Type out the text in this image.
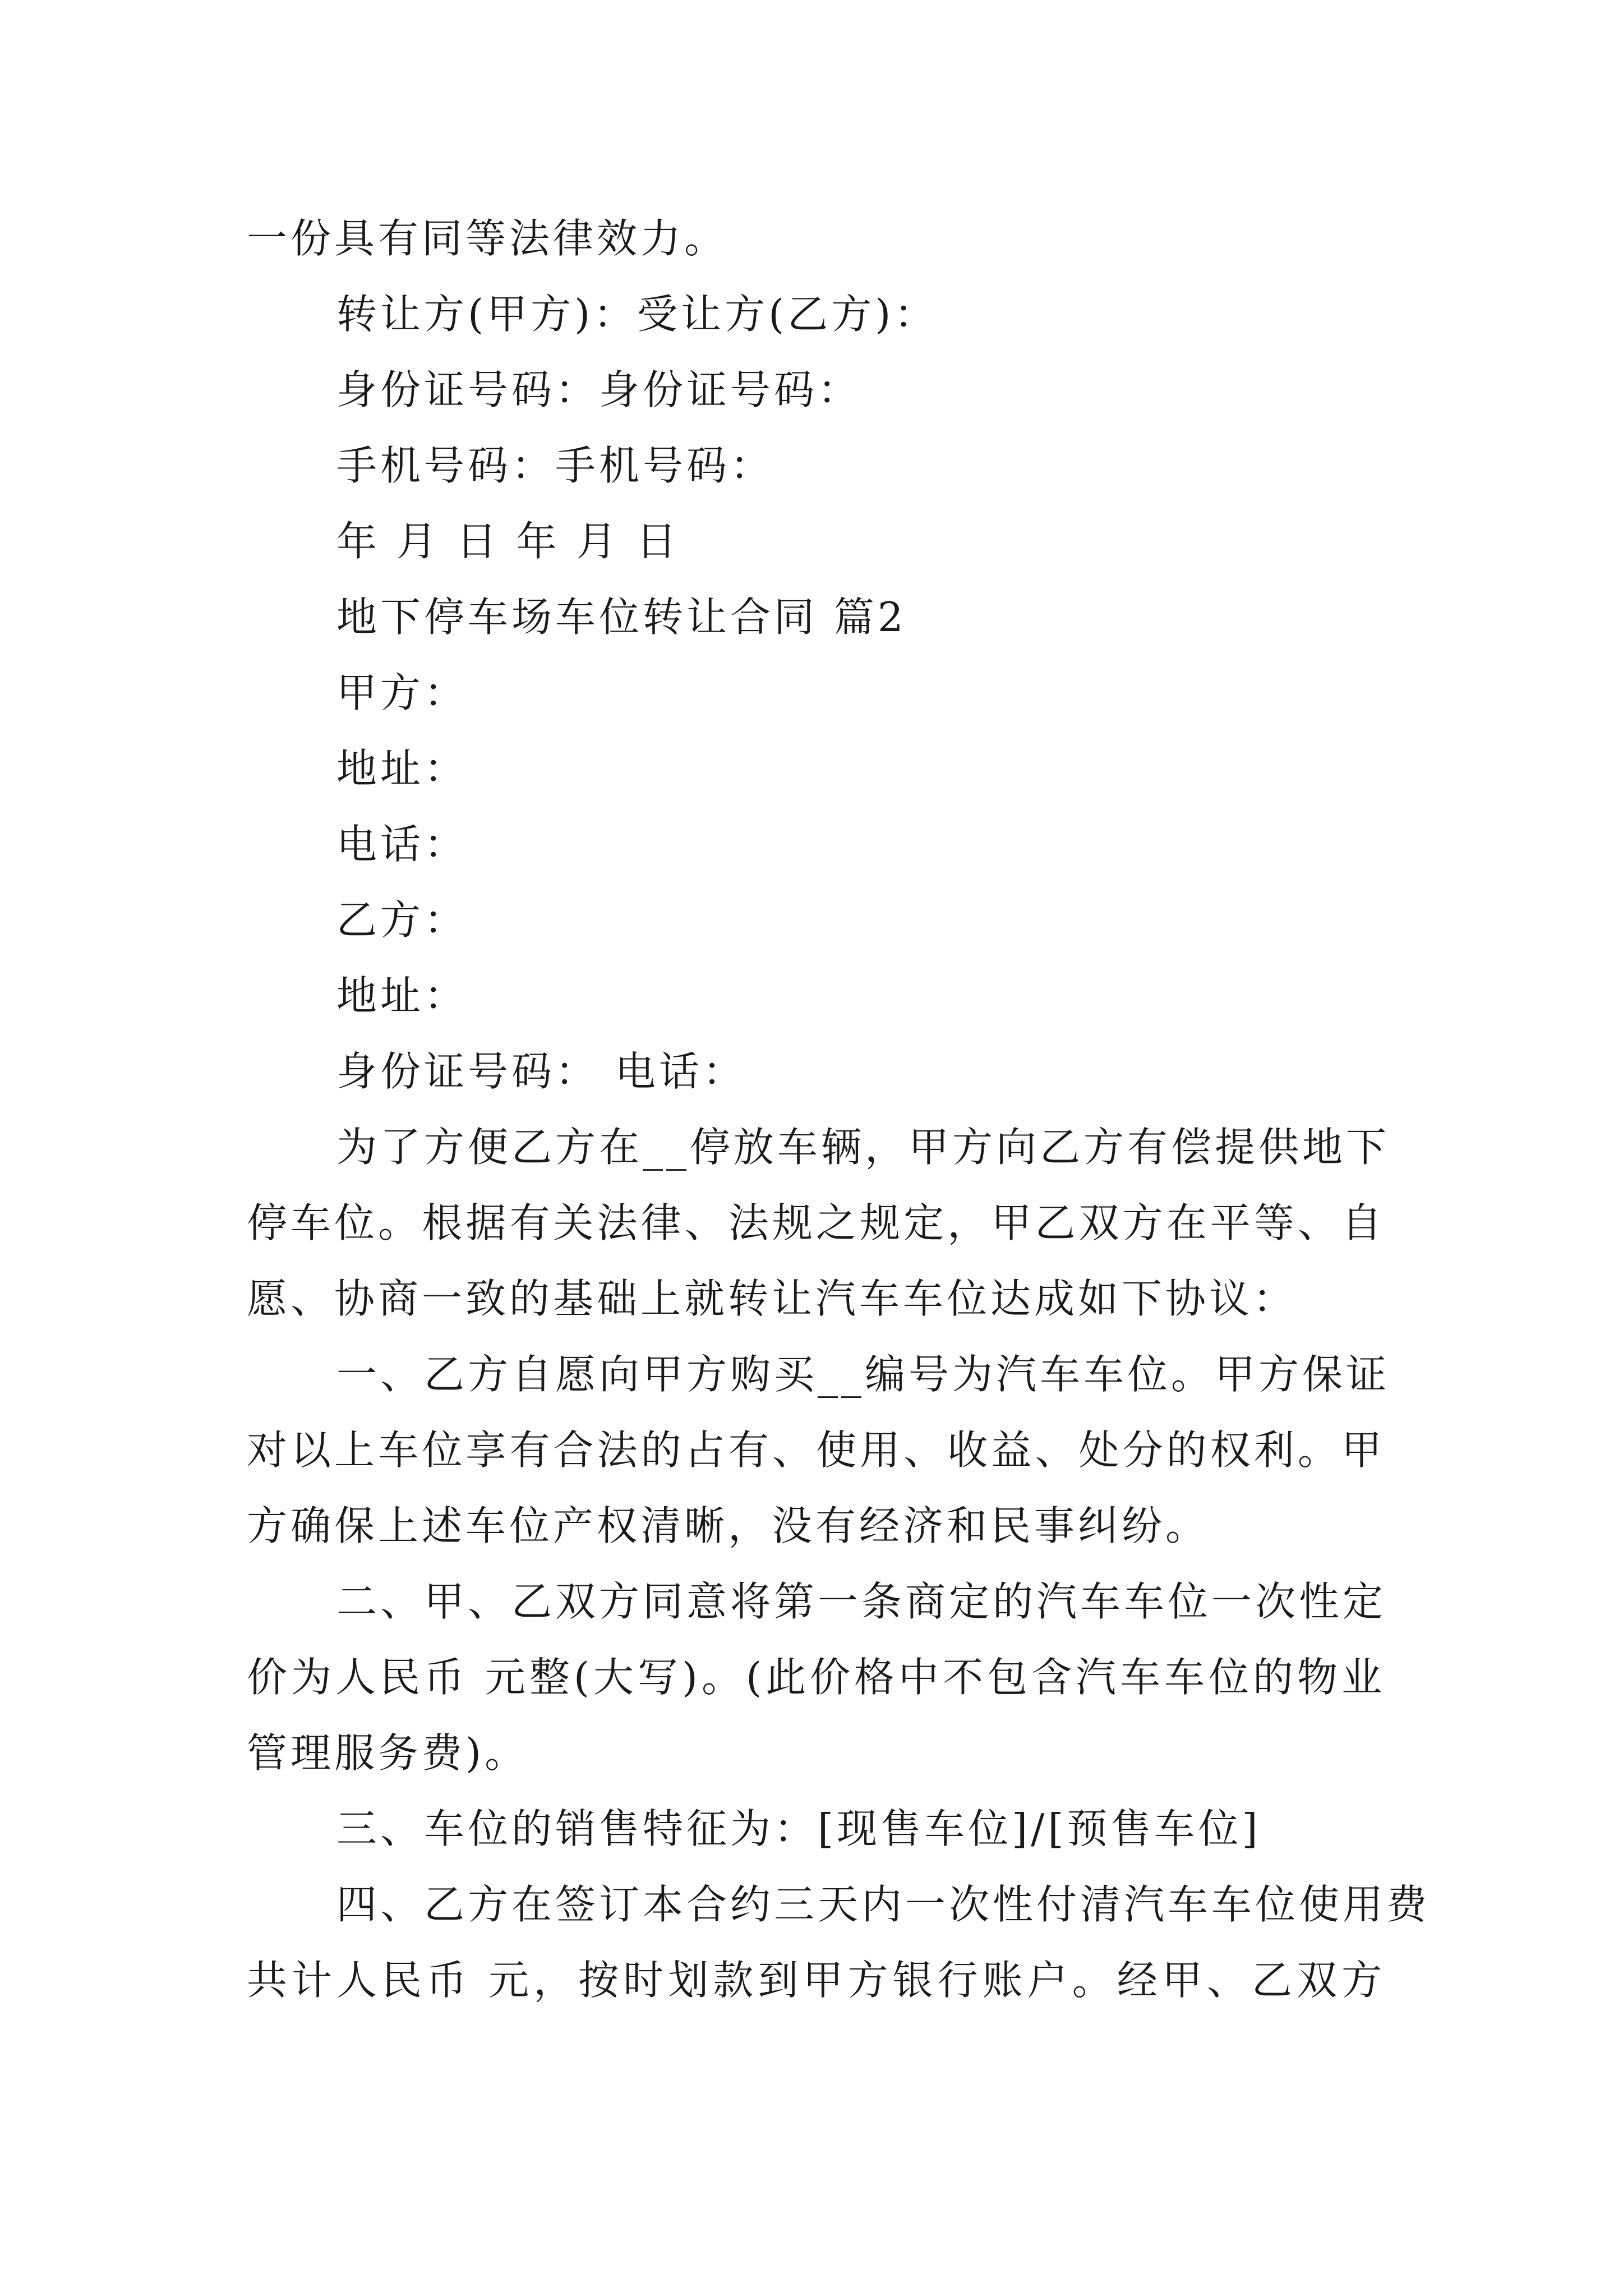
一份具有同等法律效力。
转让方(甲方)：受让方(乙方)：
身份证号码：身份证号码：
手机号码：手机号码：
年 月 日 年 月 日
地下停车场车位转让合同 篇2
甲方：
地址：
电话：
乙方：
地址：
身份证号码： 电话：
为了方便乙方在__停放车辆，甲方向乙方有偿提供地下
停车位。根据有关法律、法规之规定，甲乙双方在平等、自
愿、协商一致的基础上就转让汽车车位达成如下协议：
一、乙方自愿向甲方购买__编号为汽车车位。甲方保证
对以上车位享有合法的占有、使用、收益、处分的权利。甲
方确保上述车位产权清晰，没有经济和民事纠纷。
二、甲、乙双方同意将第一条商定的汽车车位一次性定
价为人民币 元整(大写)。(此价格中不包含汽车车位的物业
管理服务费)。
三、车位的销售特征为：[现售车位]/[预售车位]
四、乙方在签订本合约三天内一次性付清汽车车位使用费
共计人民币 元，按时划款到甲方银行账户。经甲、乙双方
